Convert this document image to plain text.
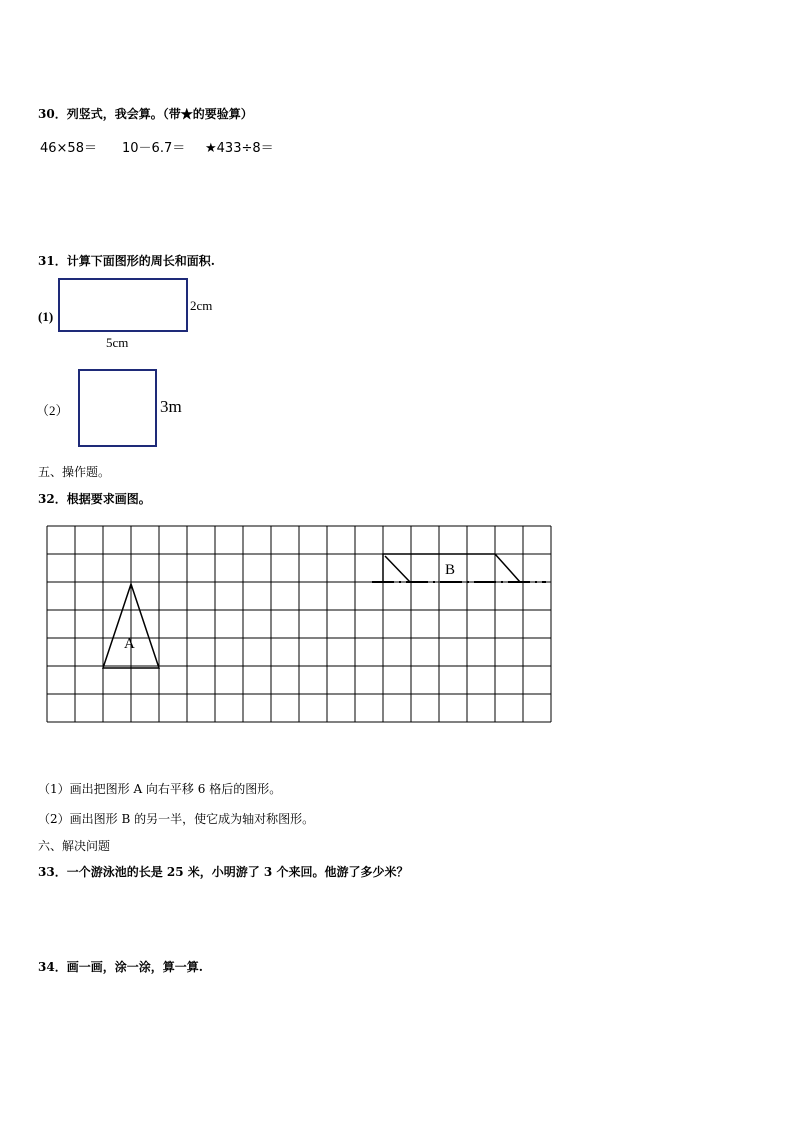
30．列竖式，我会算。（带★的要验算）
46×58＝ 10－6.7＝ ★433÷8＝
31．计算下面图形的周长和面积.
(1)
2cm
5cm
（2）	3m
五、操作题。
32．根据要求画图。
A
B
（1）画出把图形 A 向右平移 6 格后的图形。
（2）画出图形 B 的另一半，使它成为轴对称图形。
六、解决问题
33．一个游泳池的长是 25 米，小明游了 3 个来回。他游了多少米？
34．画一画，涂一涂，算一算.
